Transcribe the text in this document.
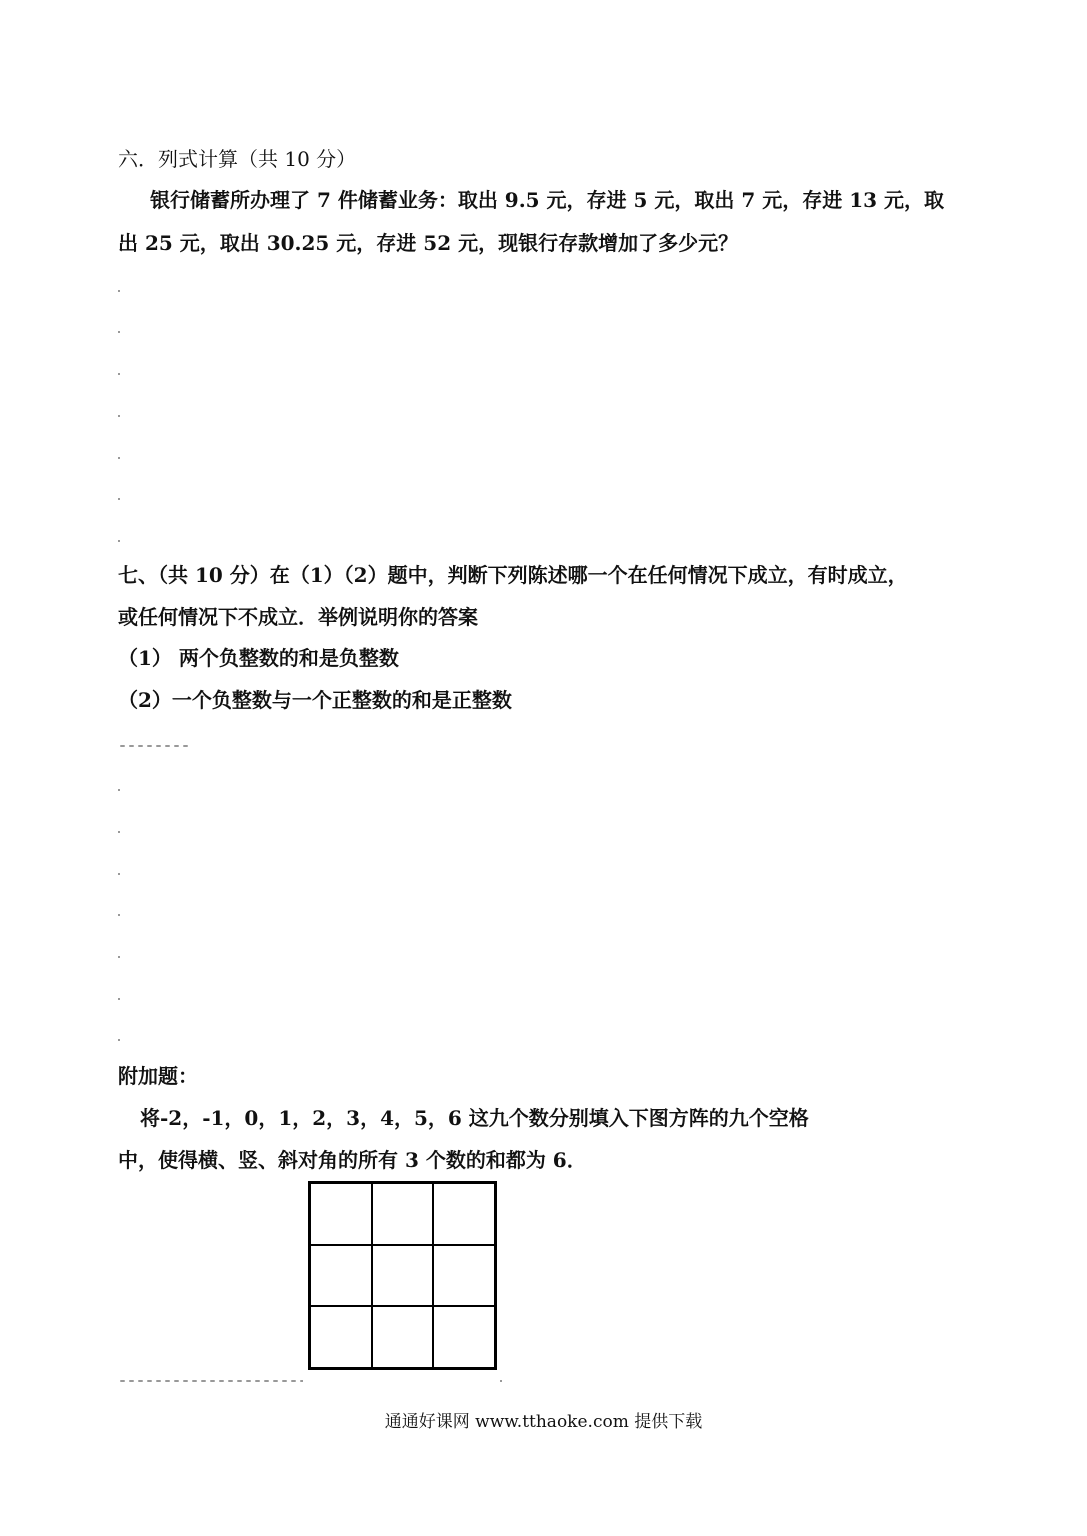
六．列式计算（共 10 分）
银行储蓄所办理了 7 件储蓄业务：取出 9.5 元，存进 5 元，取出 7 元，存进 13 元，取
出 25 元，取出 30.25 元，存进 52 元，现银行存款增加了多少元？
七、（共 10 分）在（1）（2）题中，判断下列陈述哪一个在任何情况下成立，有时成立，
或任何情况下不成立．举例说明你的答案
（1） 两个负整数的和是负整数
（2）一个负整数与一个正整数的和是正整数
附加题：
将-2，-1，0，1，2，3，4，5，6 这九个数分别填入下图方阵的九个空格
中，使得横、竖、斜对角的所有 3 个数的和都为 6．
通通好课网 www.tthaoke.com 提供下载
